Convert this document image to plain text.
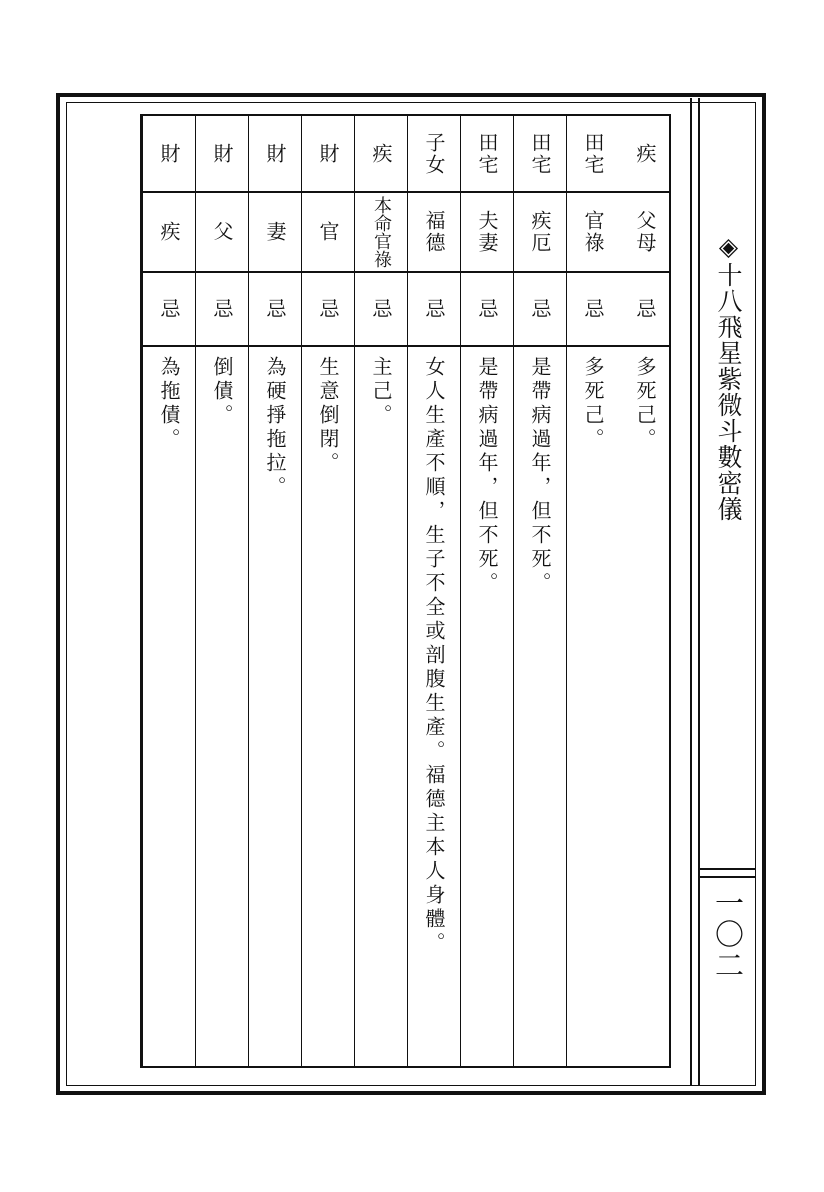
◈十八飛星紫微斗數密儀
一〇二
疾
父母
忌
多死己。
田宅
官祿
忌
多死己。
田宅
疾厄
忌
是帶病過年，但不死。
田宅
夫妻
忌
是帶病過年，但不死。
子女
福德
忌
女人生產不順，生子不全或剖腹生產。福德主本人身體。
疾
本命官祿
忌
主己。
財
官
忌
生意倒閉。
財
妻
忌
為硬掙拖拉。
財
父
忌
倒債。
財
疾
忌
為拖債。
